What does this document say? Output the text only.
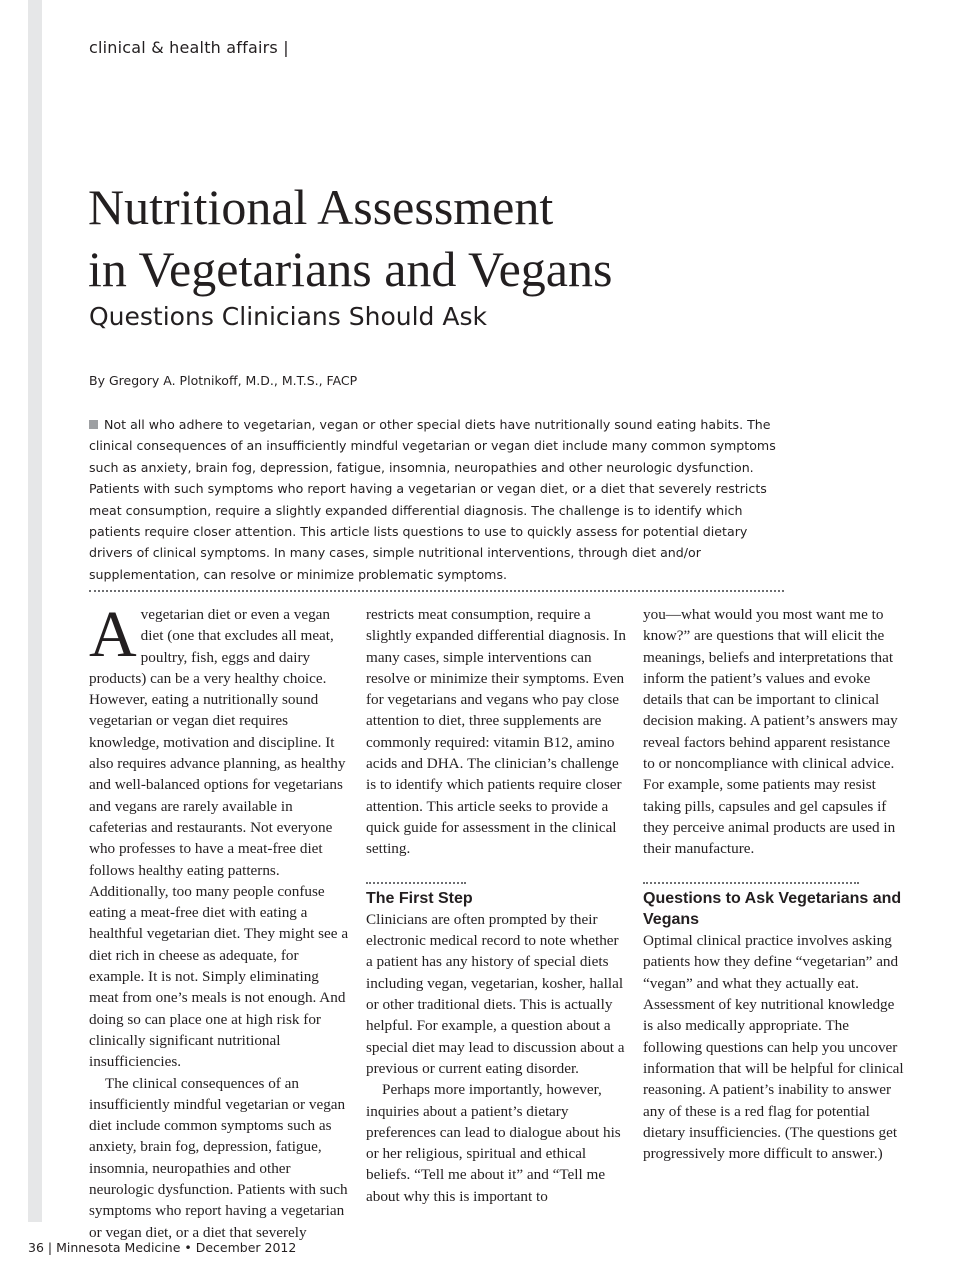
clinical & health affairs |
Nutritional Assessment
in Vegetarians and Vegans
Questions Clinicians Should Ask
By Gregory A. Plotnikoff, M.D., M.T.S., FACP

Not all who adhere to vegetarian, vegan or other special diets have nutritionally sound eating habits. The clinical consequences of an insufficiently mindful vegetarian or vegan diet include many common symptoms such as anxiety, brain fog, depression, fatigue, insomnia, neuropathies and other neurologic dysfunction. Patients with such symptoms who report having a vegetarian or vegan diet, or a diet that severely restricts meat consumption, require a slightly expanded differential diagnosis. The challenge is to identify which patients require closer attention. This article lists questions to use to quickly assess for potential dietary drivers of clinical symptoms. In many cases, simple nutritional interventions, through diet and/or supplementation, can resolve or minimize problematic symptoms.

Avegetarian diet or even a vegan diet (one that excludes all meat, poultry, fish, eggs and dairy products) can be a very healthy choice. However, eating a nutritionally sound vegetarian or vegan diet requires knowledge, motivation and discipline. It also requires advance planning, as healthy and well-balanced options for vegetarians and vegans are rarely available in cafeterias and restaurants. Not everyone who professes to have a meat-free diet follows healthy eating patterns. Additionally, too many people confuse eating a meat-free diet with eating a healthful vegetarian diet. They might see a diet rich in cheese as adequate, for example. It is not. Simply eliminating meat from one’s meals is not enough. And doing so can place one at high risk for clinically significant nutritional insufficiencies.

The clinical consequences of an insufficiently mindful vegetarian or vegan diet include common symptoms such as anxiety, brain fog, depression, fatigue, insomnia, neuropathies and other neurologic dysfunction. Patients with such symptoms who report having a vegetarian or vegan diet, or a diet that severely

restricts meat consumption, require a slightly expanded differential diagnosis. In many cases, simple interventions can resolve or minimize their symptoms. Even for vegetarians and vegans who pay close attention to diet, three supplements are commonly required: vitamin B12, amino acids and DHA. The clinician’s challenge is to identify which patients require closer attention. This article seeks to provide a quick guide for assessment in the clinical setting.

The First Step

Clinicians are often prompted by their electronic medical record to note whether a patient has any history of special diets including vegan, vegetarian, kosher, hallal or other traditional diets. This is actually helpful. For example, a question about a special diet may lead to discussion about a previous or current eating disorder.

Perhaps more importantly, however, inquiries about a patient’s dietary preferences can lead to dialogue about his or her religious, spiritual and ethical beliefs. “Tell me about it” and “Tell me about why this is important to

you—what would you most want me to know?” are questions that will elicit the meanings, beliefs and interpretations that inform the patient’s values and evoke details that can be important to clinical decision making. A patient’s answers may reveal factors behind apparent resistance to or noncompliance with clinical advice. For example, some patients may resist taking pills, capsules and gel capsules if they perceive animal products are used in their manufacture.

Questions to Ask Vegetarians and Vegans

Optimal clinical practice involves asking patients how they define “vegetarian” and “vegan” and what they actually eat. Assessment of key nutritional knowledge is also medically appropriate. The following questions can help you uncover information that will be helpful for clinical reasoning. A patient’s inability to answer any of these is a red flag for potential dietary insufficiencies. (The questions get progressively more difficult to answer.)

36 | Minnesota Medicine • December 2012
